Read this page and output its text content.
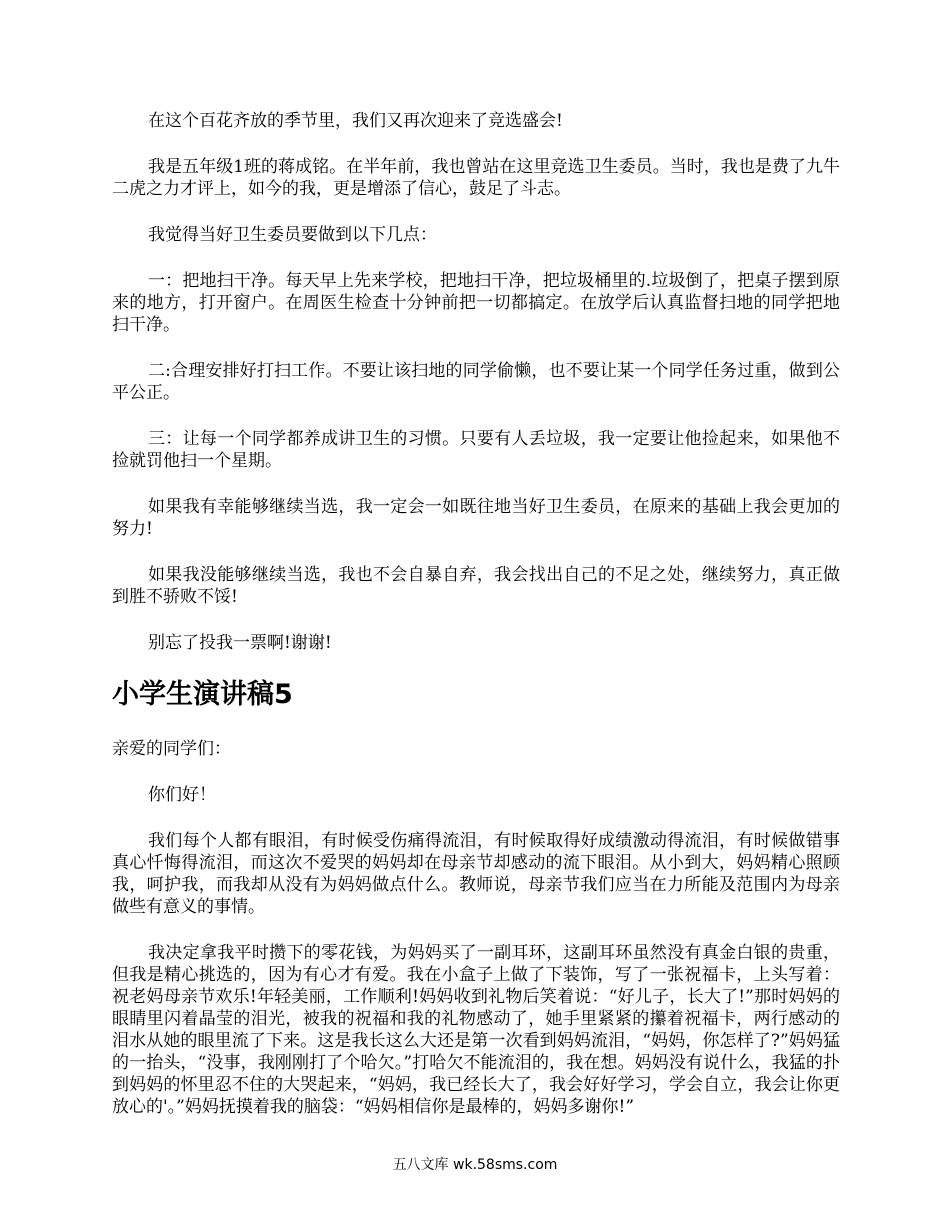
在这个百花齐放的季节里，我们又再次迎来了竞选盛会!

我是五年级1班的蒋成铭。在半年前，我也曾站在这里竞选卫生委员。当时，我也是费了九牛二虎之力才评上，如今的我，更是增添了信心，鼓足了斗志。

我觉得当好卫生委员要做到以下几点：

一：把地扫干净。每天早上先来学校，把地扫干净，把垃圾桶里的.垃圾倒了，把桌子摆到原来的地方，打开窗户。在周医生检查十分钟前把一切都搞定。在放学后认真监督扫地的同学把地扫干净。

二:合理安排好打扫工作。不要让该扫地的同学偷懒，也不要让某一个同学任务过重，做到公平公正。

三：让每一个同学都养成讲卫生的习惯。只要有人丢垃圾，我一定要让他捡起来，如果他不捡就罚他扫一个星期。

如果我有幸能够继续当选，我一定会一如既往地当好卫生委员，在原来的基础上我会更加的努力!

如果我没能够继续当选，我也不会自暴自弃，我会找出自己的不足之处，继续努力，真正做到胜不骄败不馁!

别忘了投我一票啊!谢谢!

小学生演讲稿5

亲爱的同学们：

你们好！

我们每个人都有眼泪，有时候受伤痛得流泪，有时候取得好成绩激动得流泪，有时候做错事真心忏悔得流泪，而这次不爱哭的妈妈却在母亲节却感动的流下眼泪。从小到大，妈妈精心照顾我，呵护我，而我却从没有为妈妈做点什么。教师说，母亲节我们应当在力所能及范围内为母亲做些有意义的事情。

我决定拿我平时攒下的零花钱，为妈妈买了一副耳环，这副耳环虽然没有真金白银的贵重，但我是精心挑选的，因为有心才有爱。我在小盒子上做了下装饰，写了一张祝福卡，上头写着：祝老妈母亲节欢乐!年轻美丽，工作顺利!妈妈收到礼物后笑着说：“好儿子，长大了!”那时妈妈的眼睛里闪着晶莹的泪光，被我的祝福和我的礼物感动了，她手里紧紧的攥着祝福卡，两行感动的泪水从她的眼里流了下来。这是我长这么大还是第一次看到妈妈流泪，“妈妈，你怎样了?”妈妈猛的一抬头，“没事，我刚刚打了个哈欠。”打哈欠不能流泪的，我在想。妈妈没有说什么，我猛的扑到妈妈的怀里忍不住的大哭起来，“妈妈，我已经长大了，我会好好学习，学会自立，我会让你更放心的'。”妈妈抚摸着我的脑袋：“妈妈相信你是最棒的，妈妈多谢你!”

五八文库 wk.58sms.com
